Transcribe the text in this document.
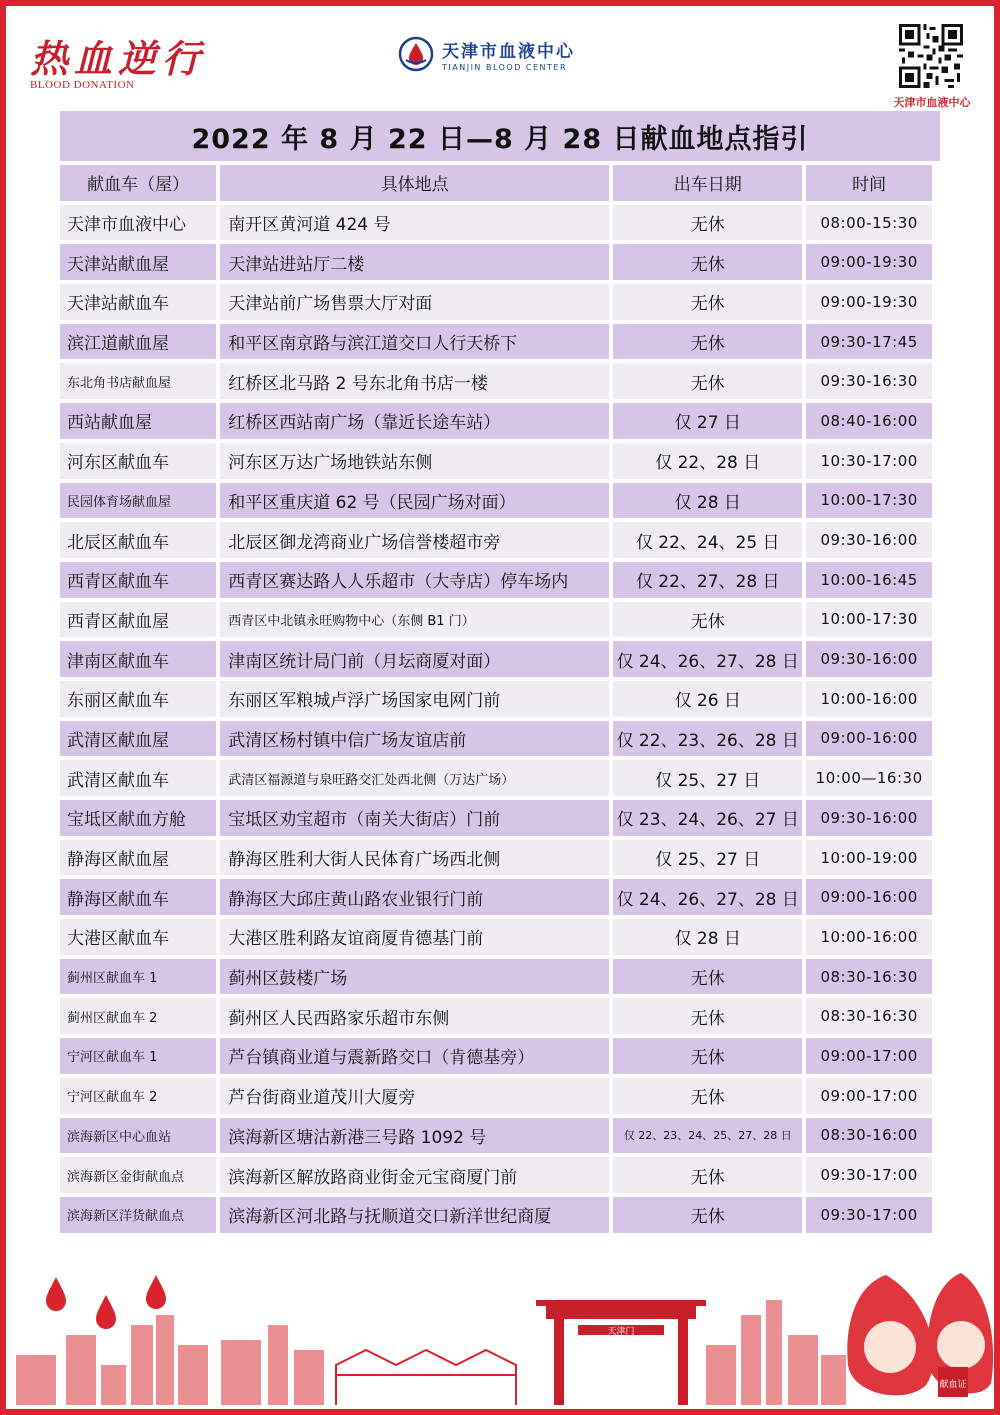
热血逆行
BLOOD DONATION
天津市血液中心
TIANJIN BLOOD CENTER
天津市血液中心
2022 年 8 月 22 日—8 月 28 日献血地点指引
献血车（屋）	具体地点	出车日期	时间
天津市血液中心	南开区黄河道 424 号	无休	08:00-15:30
天津站献血屋	天津站进站厅二楼	无休	09:00-19:30
天津站献血车	天津站前广场售票大厅对面	无休	09:00-19:30
滨江道献血屋	和平区南京路与滨江道交口人行天桥下	无休	09:30-17:45
东北角书店献血屋	红桥区北马路 2 号东北角书店一楼	无休	09:30-16:30
西站献血屋	红桥区西站南广场（靠近长途车站）	仅 27 日	08:40-16:00
河东区献血车	河东区万达广场地铁站东侧	仅 22、28 日	10:30-17:00
民园体育场献血屋	和平区重庆道 62 号（民园广场对面）	仅 28 日	10:00-17:30
北辰区献血车	北辰区御龙湾商业广场信誉楼超市旁	仅 22、24、25 日	09:30-16:00
西青区献血车	西青区赛达路人人乐超市（大寺店）停车场内	仅 22、27、28 日	10:00-16:45
西青区献血屋	西青区中北镇永旺购物中心（东侧 B1 门）	无休	10:00-17:30
津南区献血车	津南区统计局门前（月坛商厦对面）	仅 24、26、27、28 日	09:30-16:00
东丽区献血车	东丽区军粮城卢浮广场国家电网门前	仅 26 日	10:00-16:00
武清区献血屋	武清区杨村镇中信广场友谊店前	仅 22、23、26、28 日	09:00-16:00
武清区献血车	武清区福源道与泉旺路交汇处西北侧（万达广场）	仅 25、27 日	10:00—16:30
宝坻区献血方舱	宝坻区劝宝超市（南关大街店）门前	仅 23、24、26、27 日	09:30-16:00
静海区献血屋	静海区胜利大街人民体育广场西北侧	仅 25、27 日	10:00-19:00
静海区献血车	静海区大邱庄黄山路农业银行门前	仅 24、26、27、28 日	09:00-16:00
大港区献血车	大港区胜利路友谊商厦肯德基门前	仅 28 日	10:00-16:00
蓟州区献血车 1	蓟州区鼓楼广场	无休	08:30-16:30
蓟州区献血车 2	蓟州区人民西路家乐超市东侧	无休	08:30-16:30
宁河区献血车 1	芦台镇商业道与震新路交口（肯德基旁）	无休	09:00-17:00
宁河区献血车 2	芦台街商业道茂川大厦旁	无休	09:00-17:00
滨海新区中心血站	滨海新区塘沽新港三号路 1092 号	仅 22、23、24、25、27、28 日	08:30-16:00
滨海新区金街献血点	滨海新区解放路商业街金元宝商厦门前	无休	09:30-17:00
滨海新区洋货献血点	滨海新区河北路与抚顺道交口新洋世纪商厦	无休	09:30-17:00
天津门
献血证
